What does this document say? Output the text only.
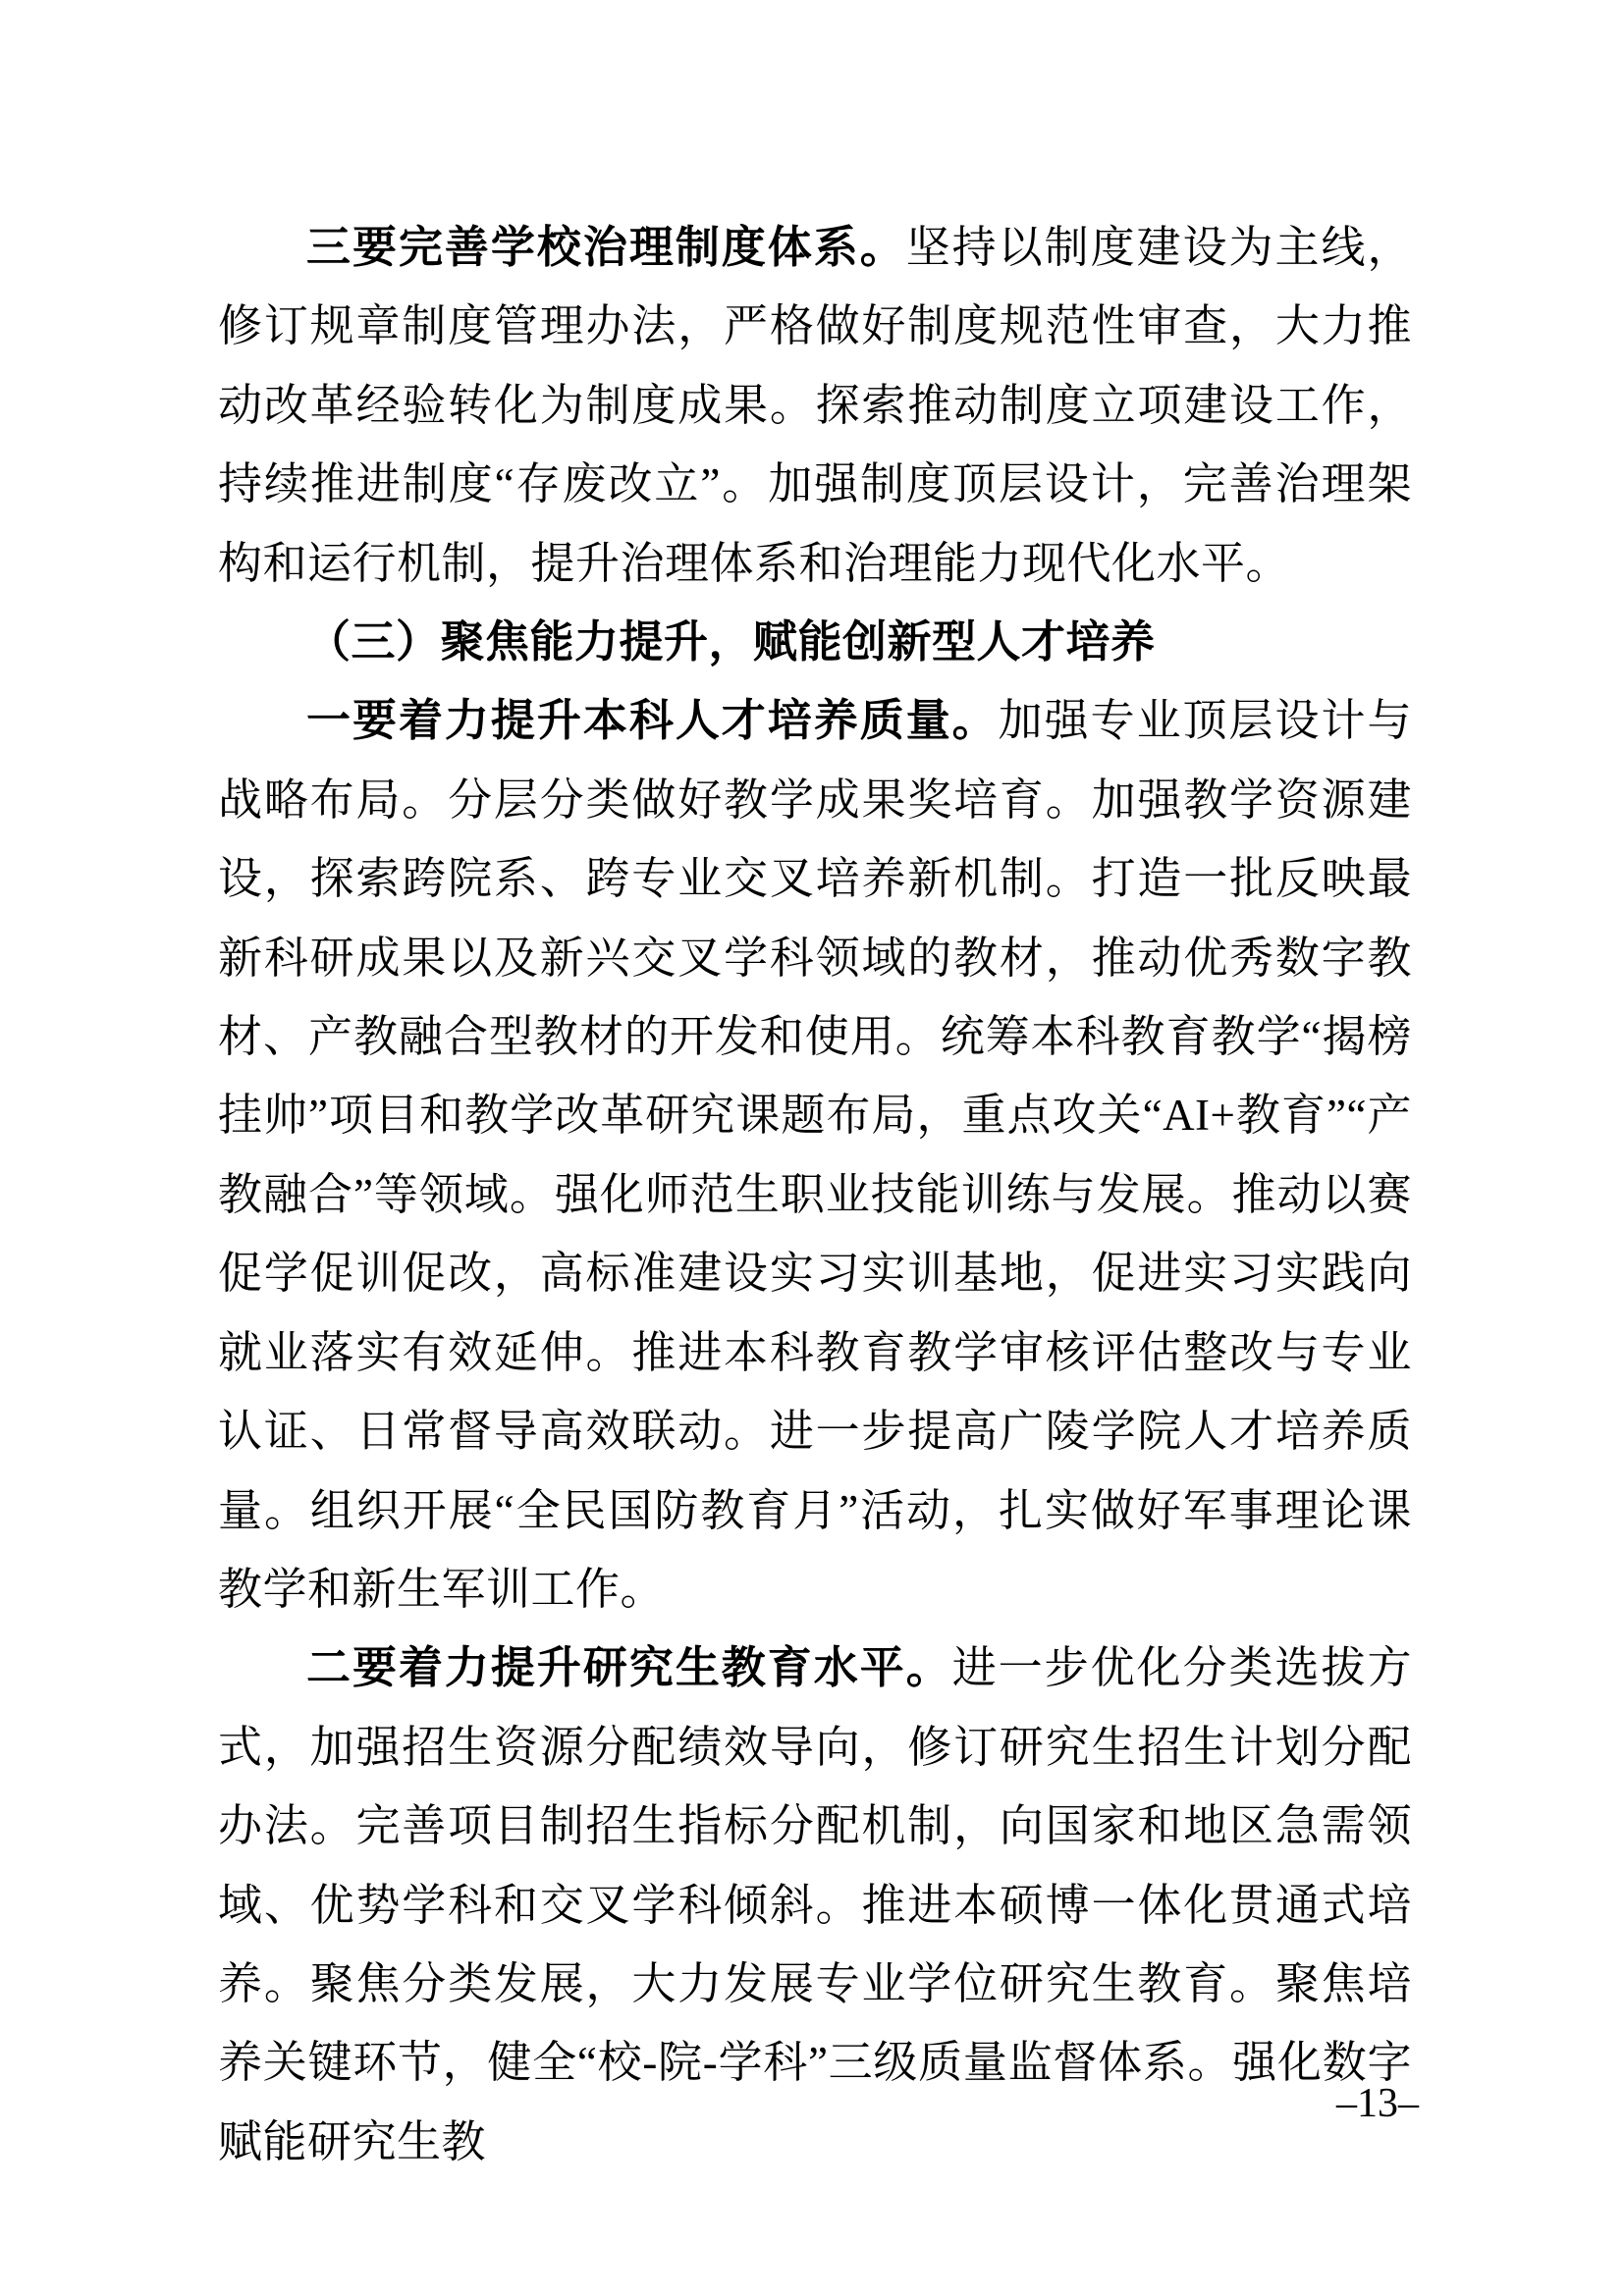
三要完善学校治理制度体系。坚持以制度建设为主线，修订规章制度管理办法，严格做好制度规范性审查，大力推动改革经验转化为制度成果。探索推动制度立项建设工作，持续推进制度“存废改立”。加强制度顶层设计，完善治理架构和运行机制，提升治理体系和治理能力现代化水平。

（三）聚焦能力提升，赋能创新型人才培养

一要着力提升本科人才培养质量。加强专业顶层设计与战略布局。分层分类做好教学成果奖培育。加强教学资源建设，探索跨院系、跨专业交叉培养新机制。打造一批反映最新科研成果以及新兴交叉学科领域的教材，推动优秀数字教材、产教融合型教材的开发和使用。统筹本科教育教学“揭榜挂帅”项目和教学改革研究课题布局，重点攻关“AI+教育”“产教融合”等领域。强化师范生职业技能训练与发展。推动以赛促学促训促改，高标准建设实习实训基地，促进实习实践向就业落实有效延伸。推进本科教育教学审核评估整改与专业认证、日常督导高效联动。进一步提高广陵学院人才培养质量。组织开展“全民国防教育月”活动，扎实做好军事理论课教学和新生军训工作。

二要着力提升研究生教育水平。进一步优化分类选拔方式，加强招生资源分配绩效导向，修订研究生招生计划分配办法。完善项目制招生指标分配机制，向国家和地区急需领域、优势学科和交叉学科倾斜。推进本硕博一体化贯通式培养。聚焦分类发展，大力发展专业学位研究生教育。聚焦培养关键环节，健全“校-院-学科”三级质量监督体系。强化数字赋能研究生教

–13–
